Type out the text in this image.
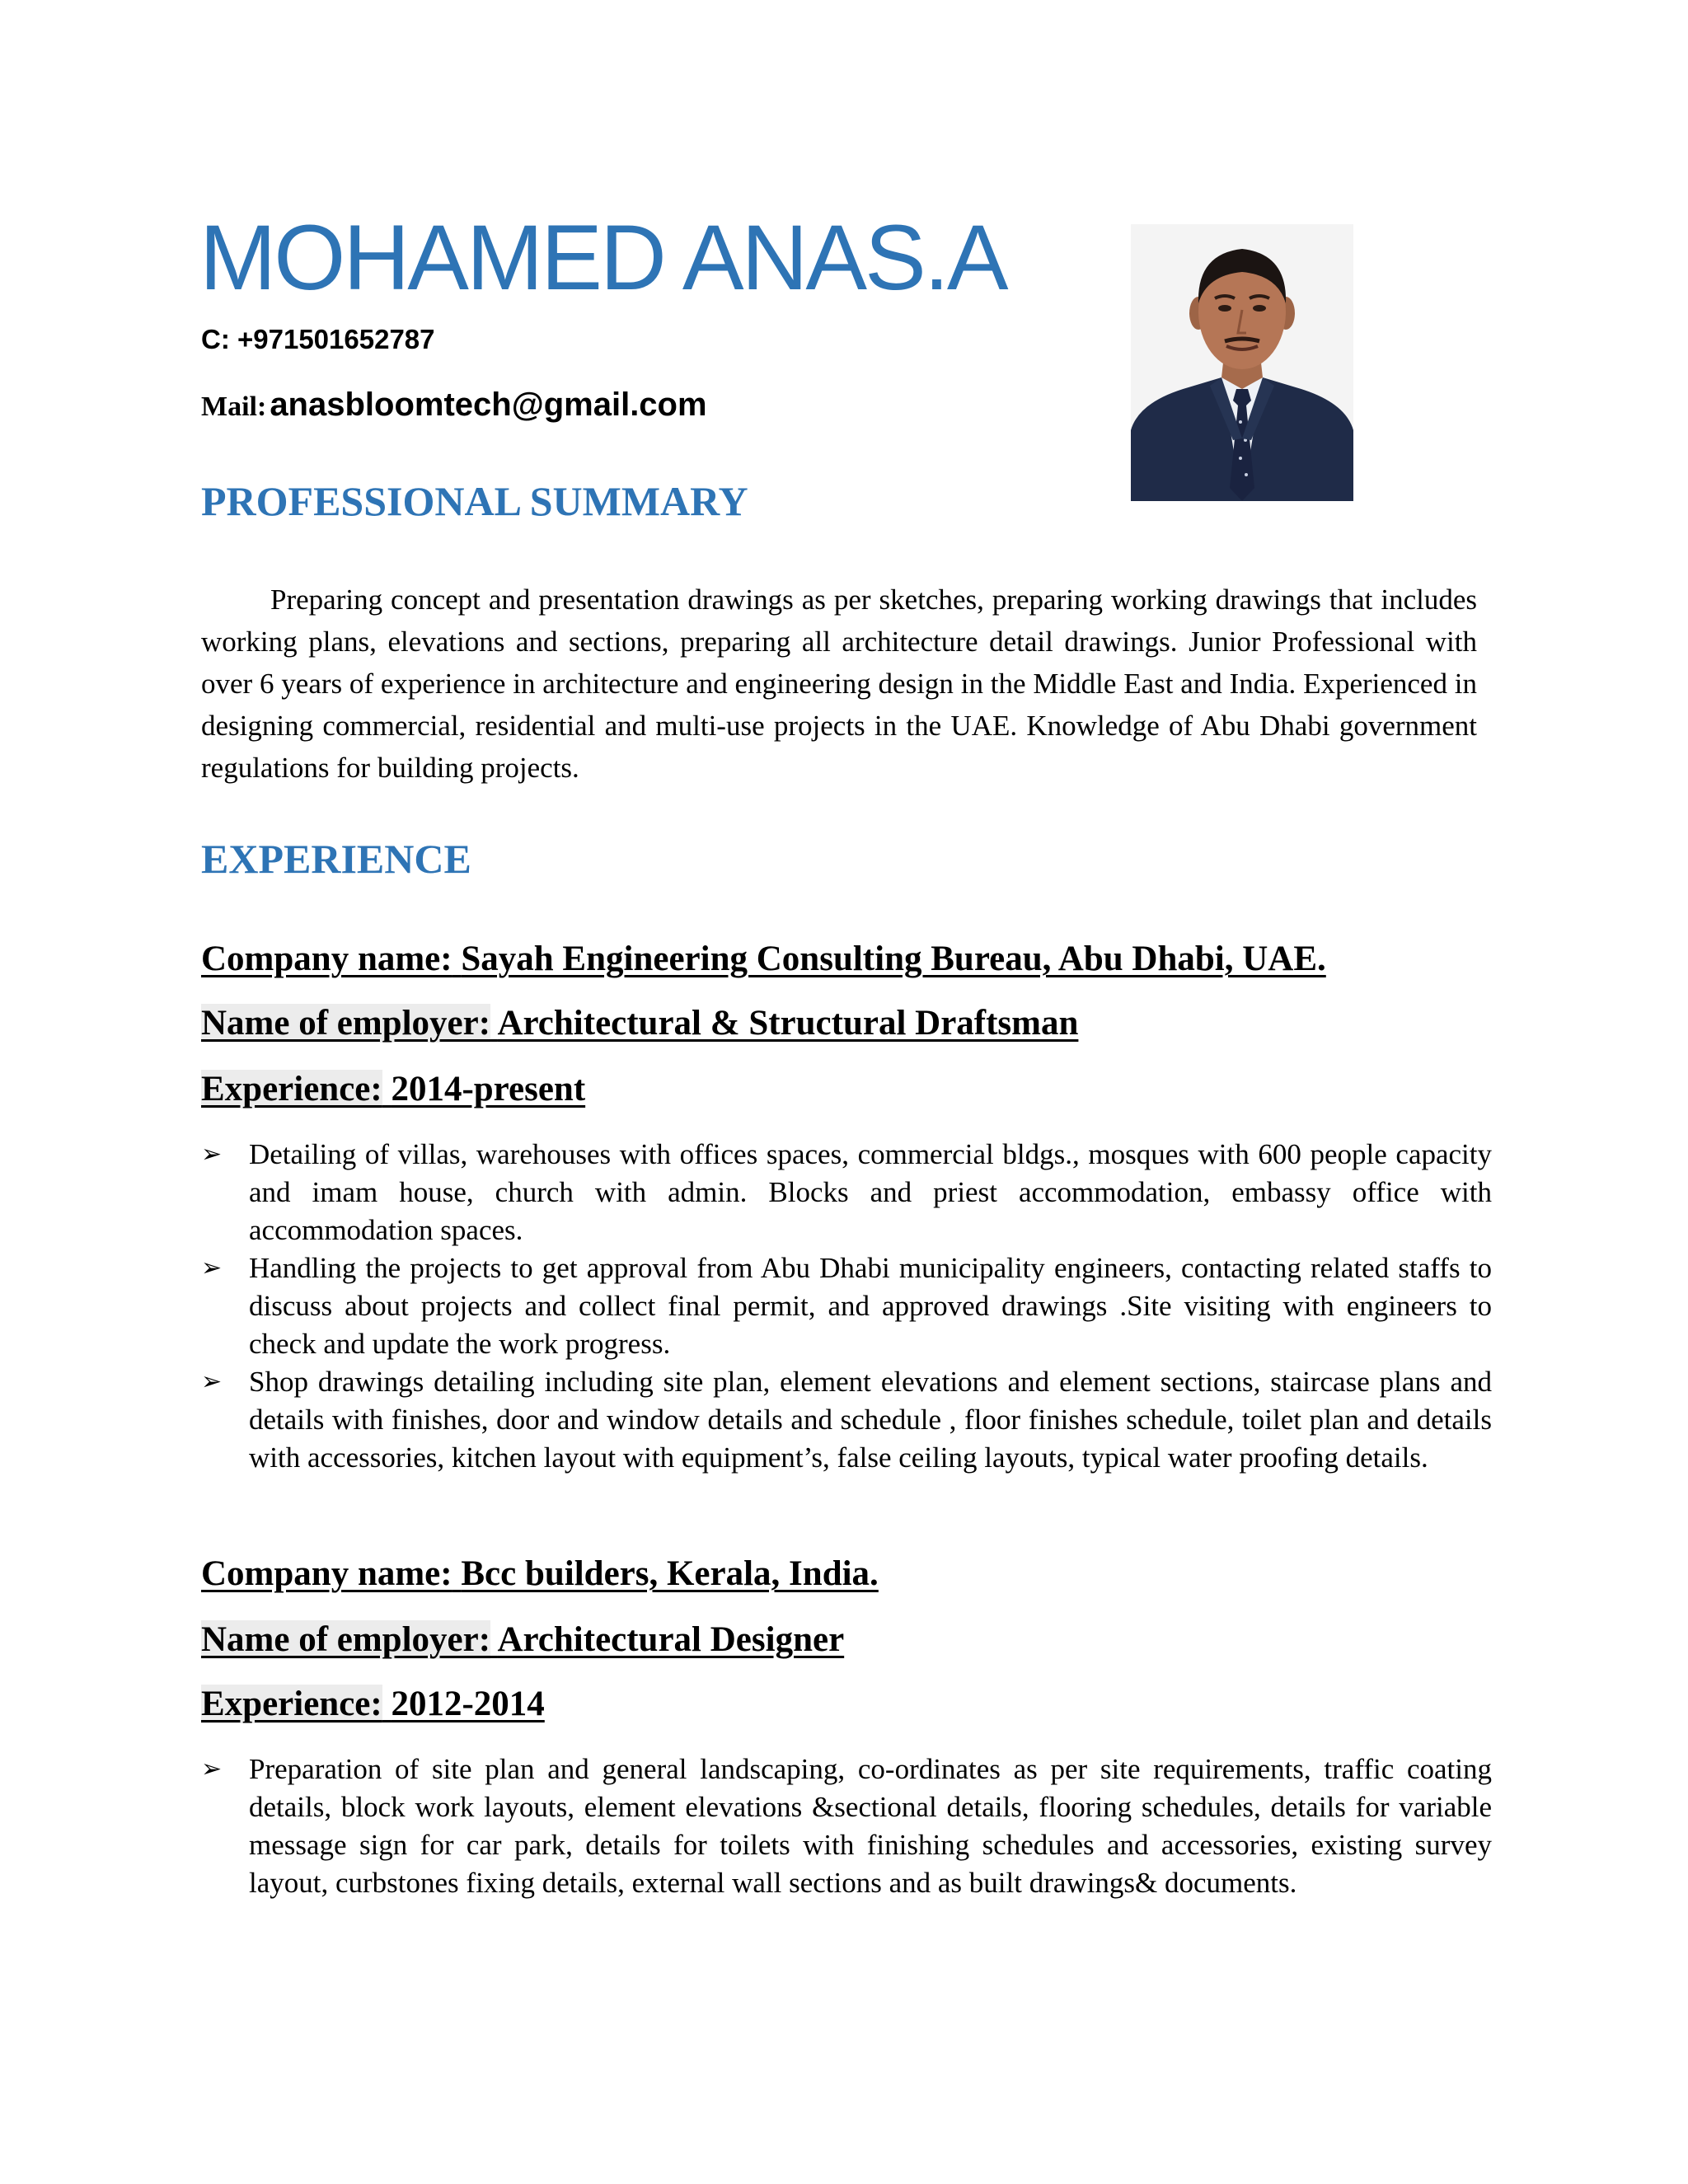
MOHAMED ANAS.A
C: +971501652787
Mail: anasbloomtech@gmail.com
PROFESSIONAL SUMMARY

Preparing concept and presentation drawings as per sketches, preparing working drawings that includes working plans, elevations and sections, preparing all architecture detail drawings. Junior Professional with over 6 years of experience in architecture and engineering design in the Middle East and India. Experienced in designing commercial, residential and multi-use projects in the UAE. Knowledge of Abu Dhabi government regulations for building projects.

EXPERIENCE
Company name: Sayah Engineering Consulting Bureau, Abu Dhabi, UAE.
Name of employer: Architectural & Structural Draftsman
Experience: 2014-present
➢ Detailing of villas, warehouses with offices spaces, commercial bldgs., mosques with 600 people capacity and imam house, church with admin. Blocks and priest accommodation, embassy office with accommodation spaces.
➢ Handling the projects to get approval from Abu Dhabi municipality engineers, contacting related staffs to discuss about projects and collect final permit, and approved drawings .Site visiting with engineers to check and update the work progress.
➢ Shop drawings detailing including site plan, element elevations and element sections, staircase plans and details with finishes, door and window details and schedule , floor finishes schedule, toilet plan and details with accessories, kitchen layout with equipment’s, false ceiling layouts, typical water proofing details.
Company name: Bcc builders, Kerala, India.
Name of employer: Architectural Designer
Experience: 2012-2014
➢ Preparation of site plan and general landscaping, co-ordinates as per site requirements, traffic coating details, block work layouts, element elevations &sectional details, flooring schedules, details for variable message sign for car park, details for toilets with finishing schedules and accessories, existing survey layout, curbstones fixing details, external wall sections and as built drawings& documents.
